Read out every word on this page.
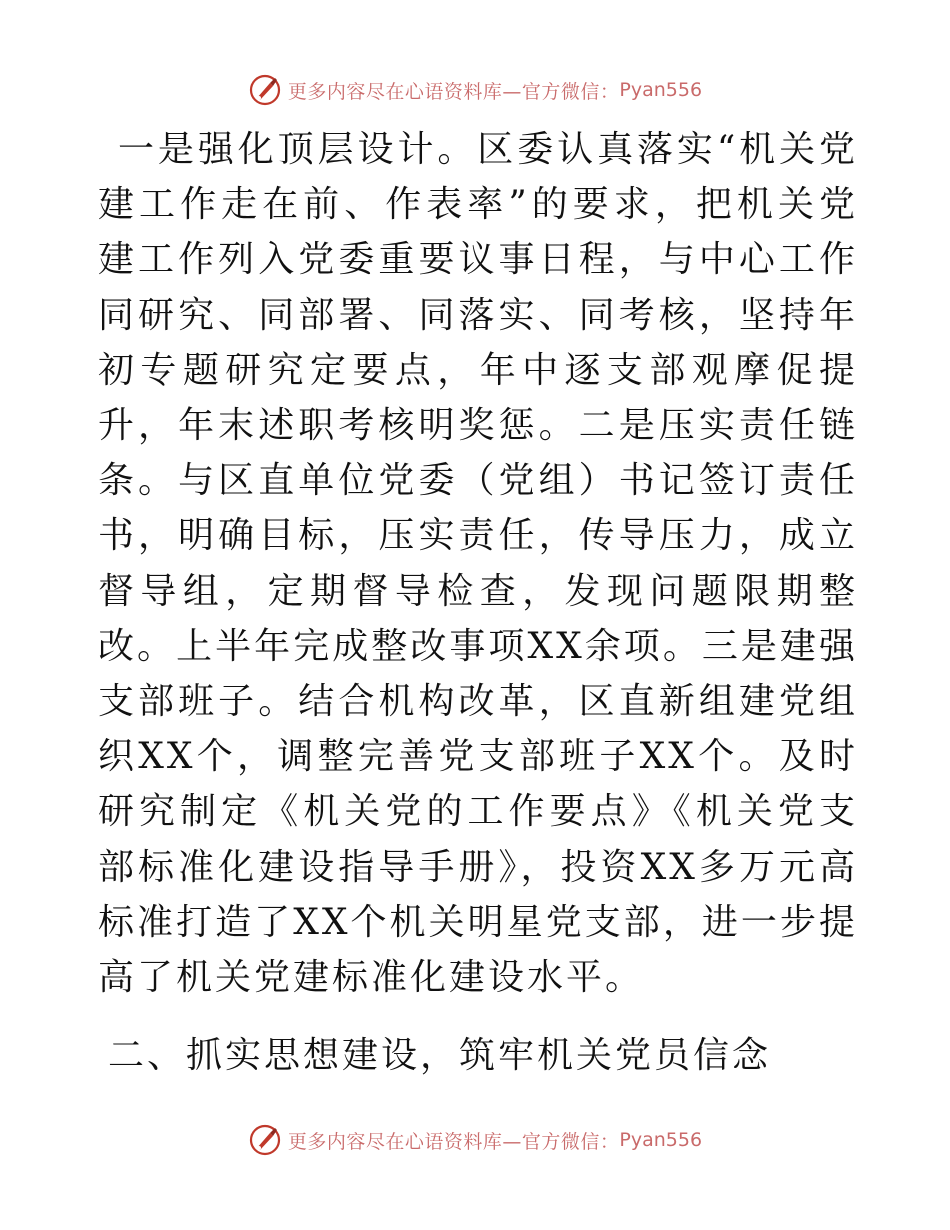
更多内容尽在心语资料库—官方微信： Pyan556

一是强化顶层设计。区委认真落实“机关党建工作走在前、作表率”的要求，把机关党建工作列入党委重要议事日程，与中心工作同研究、同部署、同落实、同考核，坚持年初专题研究定要点，年中逐支部观摩促提升，年末述职考核明奖惩。二是压实责任链条。与区直单位党委（党组）书记签订责任书，明确目标，压实责任，传导压力，成立督导组，定期督导检查，发现问题限期整改。上半年完成整改事项XX余项。三是建强支部班子。结合机构改革，区直新组建党组织XX个，调整完善党支部班子XX个。及时研究制定《机关党的工作要点》《机关党支部标准化建设指导手册》，投资XX多万元高标准打造了XX个机关明星党支部，进一步提高了机关党建标准化建设水平。

二、抓实思想建设，筑牢机关党员信念

更多内容尽在心语资料库—官方微信： Pyan556
